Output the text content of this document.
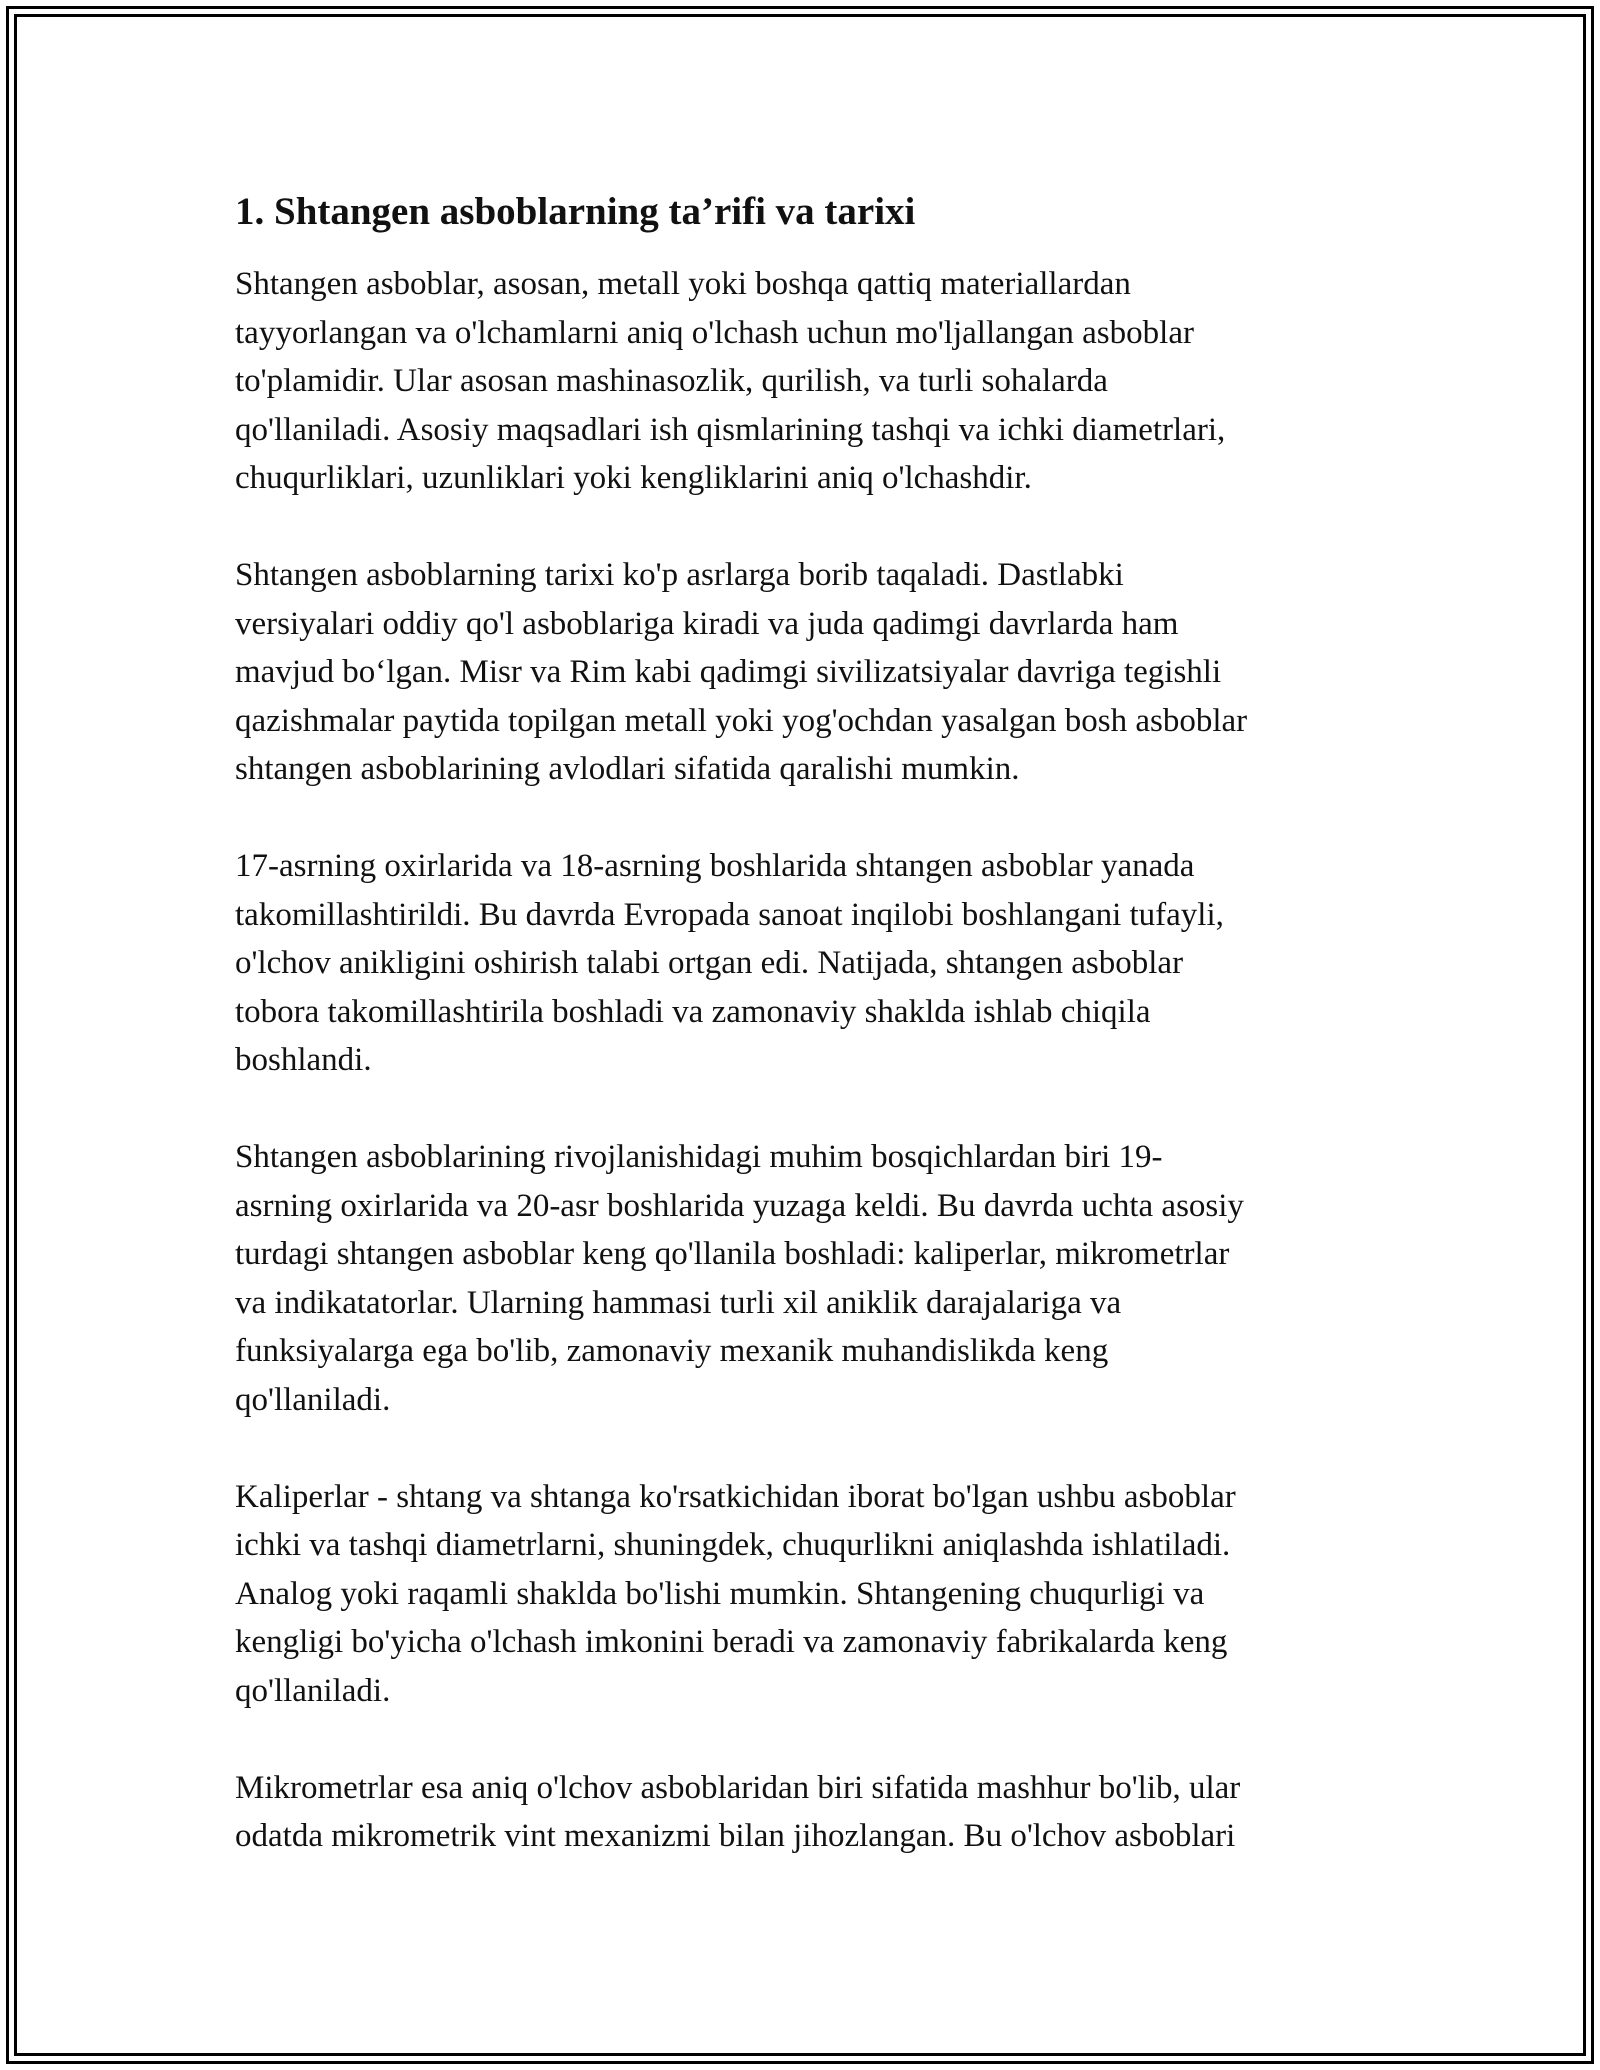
1. Shtangen asboblarning ta’rifi va tarixi

Shtangen asboblar, asosan, metall yoki boshqa qattiq materiallardan
tayyorlangan va o'lchamlarni aniq o'lchash uchun mo'ljallangan asboblar
to'plamidir. Ular asosan mashinasozlik, qurilish, va turli sohalarda
qo'llaniladi. Asosiy maqsadlari ish qismlarining tashqi va ichki diametrlari,
chuqurliklari, uzunliklari yoki kengliklarini aniq o'lchashdir.

Shtangen asboblarning tarixi ko'p asrlarga borib taqaladi. Dastlabki
versiyalari oddiy qo'l asboblariga kiradi va juda qadimgi davrlarda ham
mavjud bo‘lgan. Misr va Rim kabi qadimgi sivilizatsiyalar davriga tegishli
qazishmalar paytida topilgan metall yoki yog'ochdan yasalgan bosh asboblar
shtangen asboblarining avlodlari sifatida qaralishi mumkin.

17-asrning oxirlarida va 18-asrning boshlarida shtangen asboblar yanada
takomillashtirildi. Bu davrda Evropada sanoat inqilobi boshlangani tufayli,
o'lchov anikligini oshirish talabi ortgan edi. Natijada, shtangen asboblar
tobora takomillashtirila boshladi va zamonaviy shaklda ishlab chiqila
boshlandi.

Shtangen asboblarining rivojlanishidagi muhim bosqichlardan biri 19-
asrning oxirlarida va 20-asr boshlarida yuzaga keldi. Bu davrda uchta asosiy
turdagi shtangen asboblar keng qo'llanila boshladi: kaliperlar, mikrometrlar
va indikatatorlar. Ularning hammasi turli xil aniklik darajalariga va
funksiyalarga ega bo'lib, zamonaviy mexanik muhandislikda keng
qo'llaniladi.

Kaliperlar - shtang va shtanga ko'rsatkichidan iborat bo'lgan ushbu asboblar
ichki va tashqi diametrlarni, shuningdek, chuqurlikni aniqlashda ishlatiladi.
Analog yoki raqamli shaklda bo'lishi mumkin. Shtangening chuqurligi va
kengligi bo'yicha o'lchash imkonini beradi va zamonaviy fabrikalarda keng
qo'llaniladi.

Mikrometrlar esa aniq o'lchov asboblaridan biri sifatida mashhur bo'lib, ular
odatda mikrometrik vint mexanizmi bilan jihozlangan. Bu o'lchov asboblari
